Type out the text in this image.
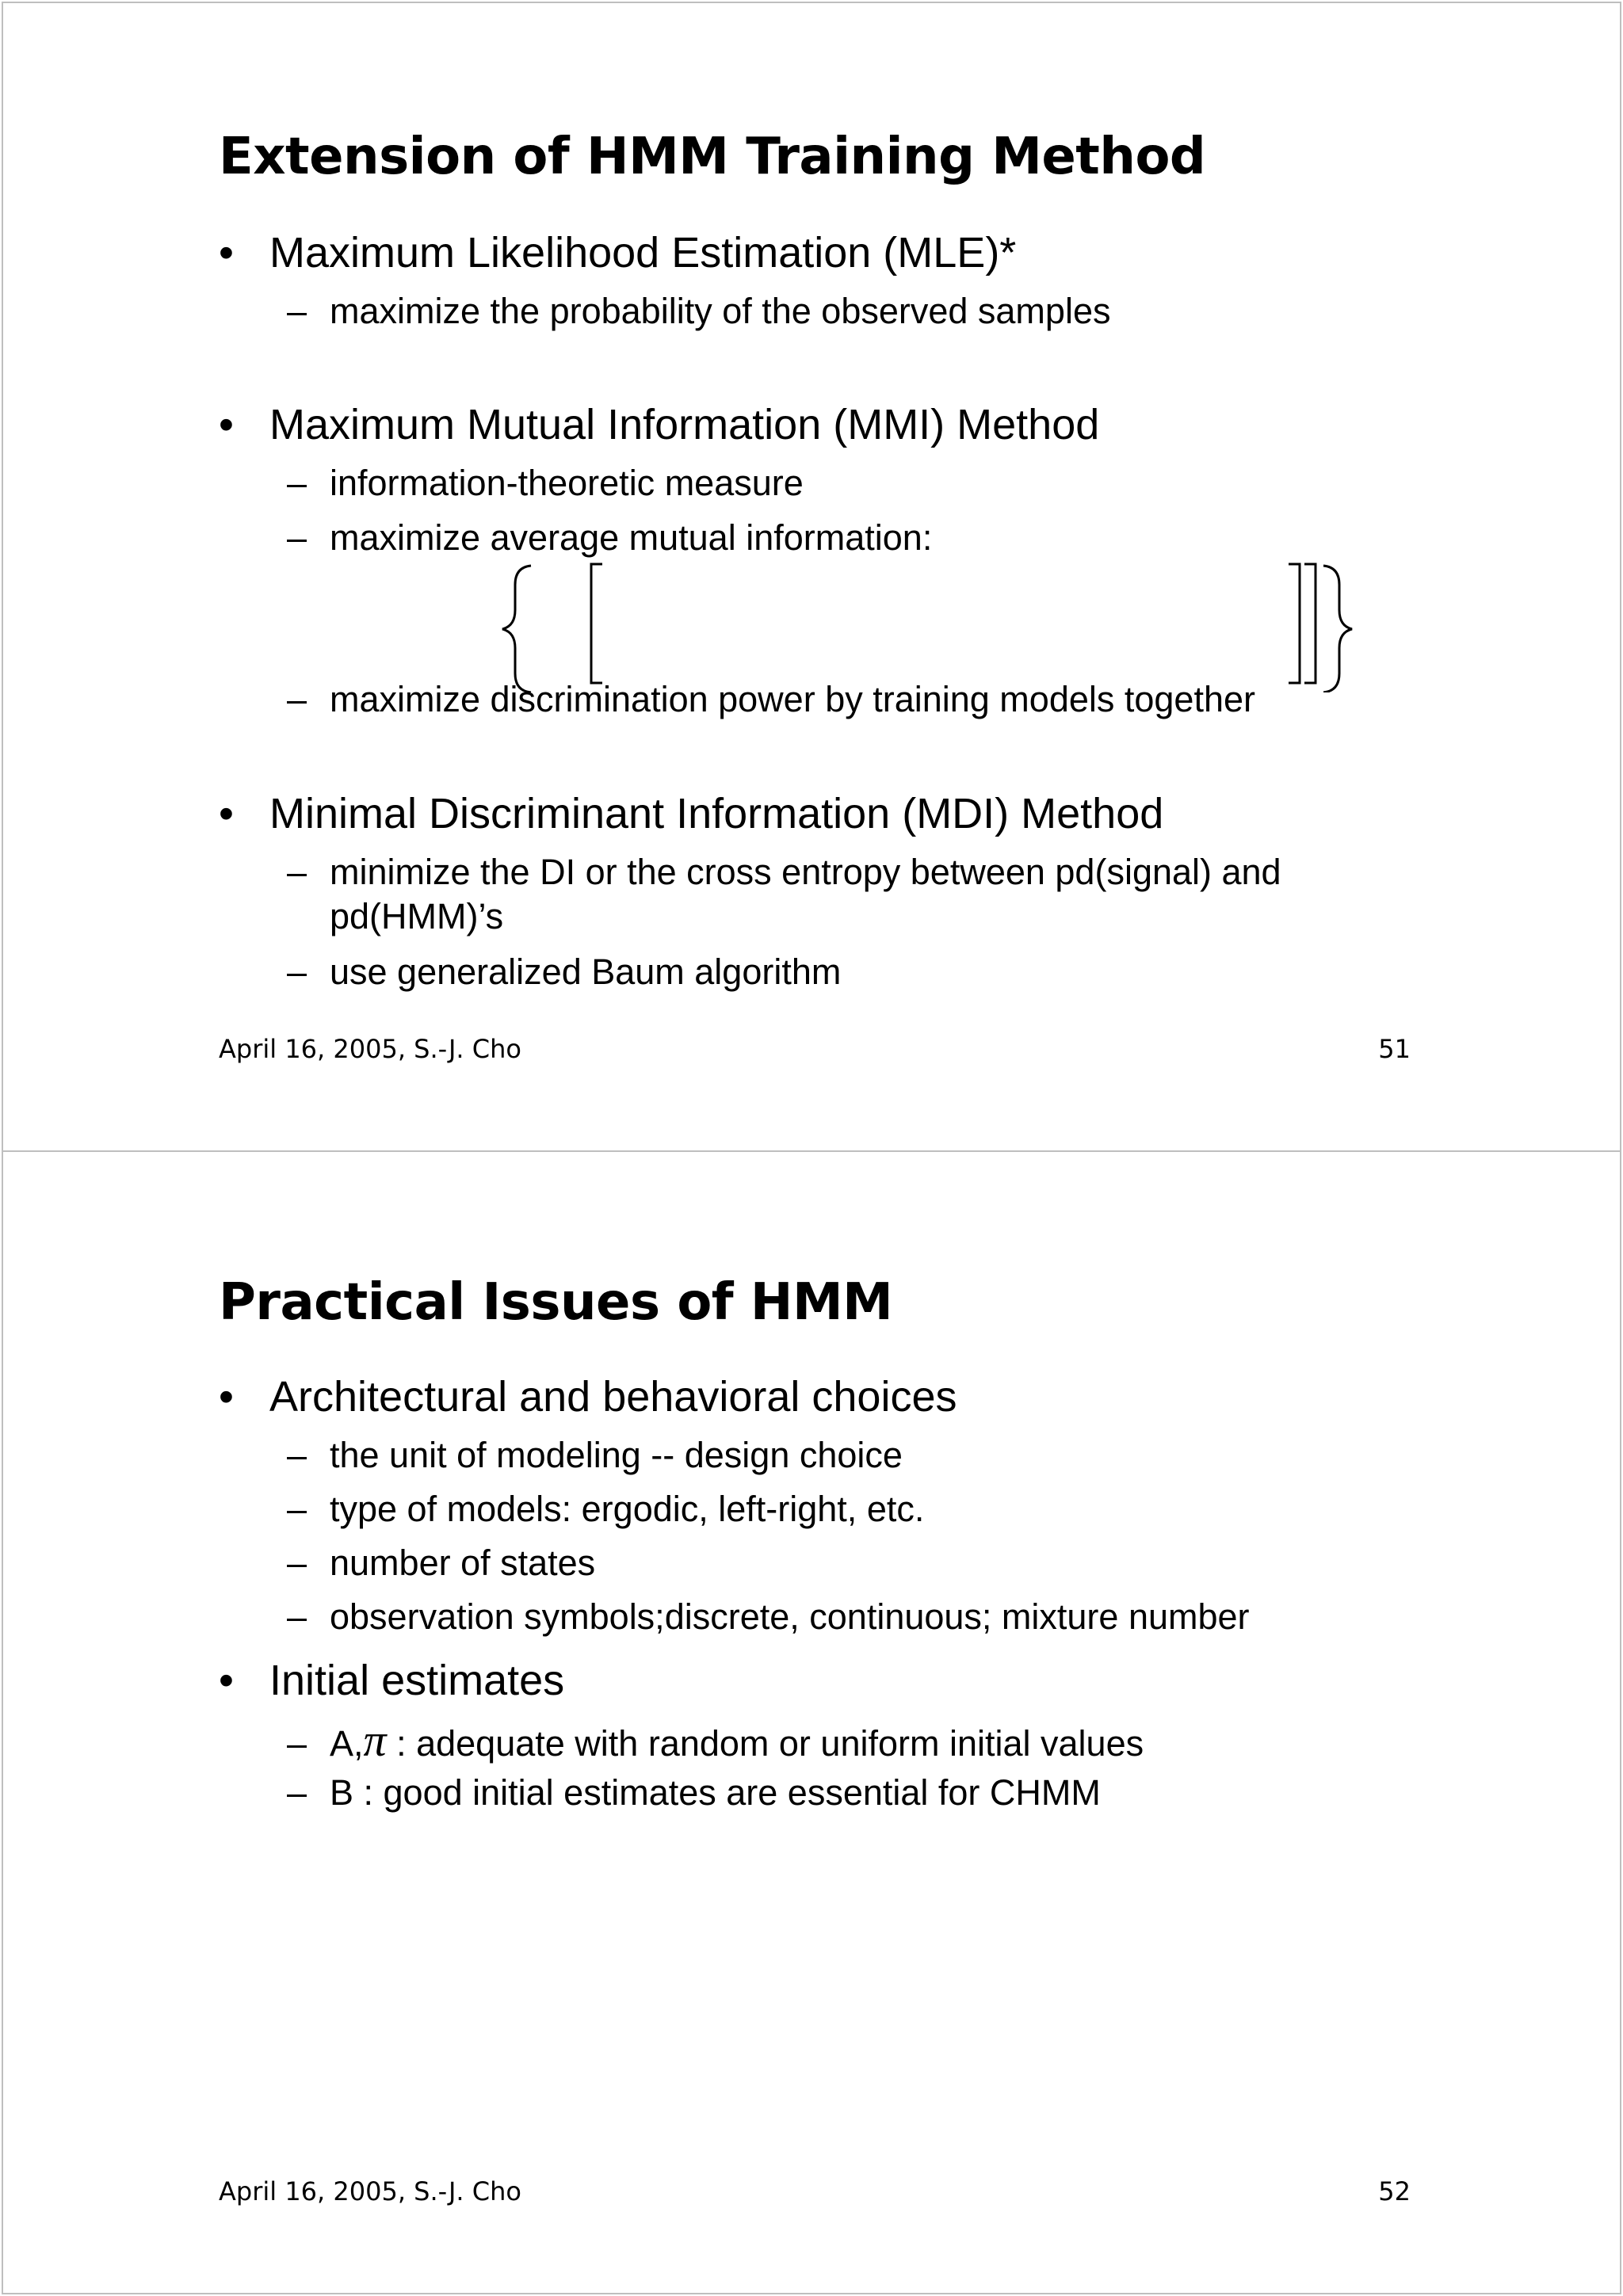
Extension of HMM Training Method
• Maximum Likelihood Estimation (MLE)*
– maximize the probability of the observed samples
• Maximum Mutual Information (MMI) Method
– information-theoretic measure
– maximize average mutual information:
– maximize discrimination power by training models together
• Minimal Discriminant Information (MDI) Method
– minimize the DI or the cross entropy between pd(signal) and
pd(HMM)’s
– use generalized Baum algorithm
April 16, 2005, S.-J. Cho	51
Practical Issues of HMM
• Architectural and behavioral choices
– the unit of modeling -- design choice
– type of models: ergodic, left-right, etc.
– number of states
– observation symbols;discrete, continuous; mixture number
• Initial estimates
– A,π : adequate with random or uniform initial values
– B : good initial estimates are essential for CHMM
April 16, 2005, S.-J. Cho	52
